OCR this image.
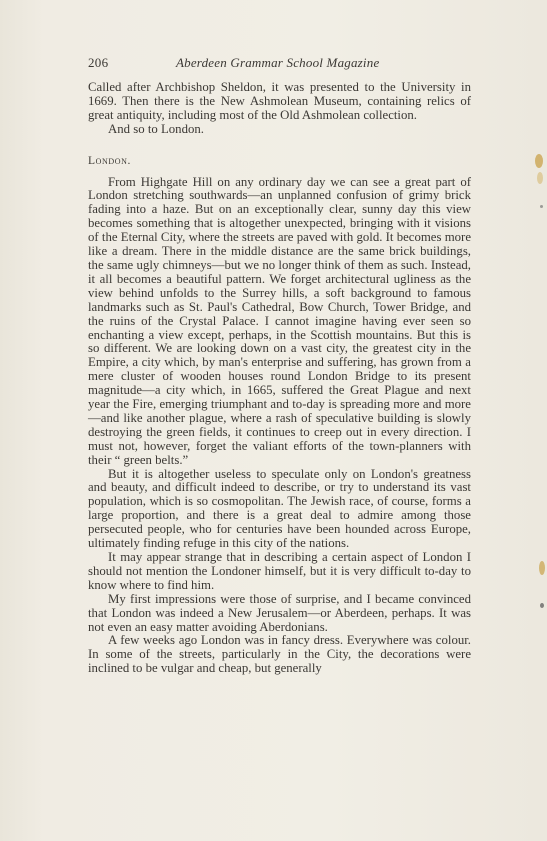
206	Aberdeen Grammar School Magazine

Called after Archbishop Sheldon, it was presented to the University in 1669. Then there is the New Ashmolean Museum, containing relics of great antiquity, including most of the Old Ashmolean collection.

And so to London.

London.

From Highgate Hill on any ordinary day we can see a great part of London stretching southwards—an unplanned confusion of grimy brick fading into a haze. But on an exceptionally clear, sunny day this view becomes something that is altogether unexpected, bringing with it visions of the Eternal City, where the streets are paved with gold. It becomes more like a dream. There in the middle distance are the same brick buildings, the same ugly chimneys—but we no longer think of them as such. Instead, it all becomes a beautiful pattern. We forget architectural ugliness as the view behind unfolds to the Surrey hills, a soft background to famous landmarks such as St. Paul's Cathedral, Bow Church, Tower Bridge, and the ruins of the Crystal Palace. I cannot imagine having ever seen so enchanting a view except, perhaps, in the Scottish mountains. But this is so different. We are looking down on a vast city, the greatest city in the Empire, a city which, by man's enterprise and suffering, has grown from a mere cluster of wooden houses round London Bridge to its present magnitude—a city which, in 1665, suffered the Great Plague and next year the Fire, emerging triumphant and to-day is spreading more and more—and like another plague, where a rash of speculative building is slowly destroying the green fields, it continues to creep out in every direction. I must not, however, forget the valiant efforts of the town-planners with their “ green belts.”

But it is altogether useless to speculate only on London's greatness and beauty, and difficult indeed to describe, or try to understand its vast population, which is so cosmopolitan. The Jewish race, of course, forms a large proportion, and there is a great deal to admire among those persecuted people, who for centuries have been hounded across Europe, ultimately finding refuge in this city of the nations.

It may appear strange that in describing a certain aspect of London I should not mention the Londoner himself, but it is very difficult to-day to know where to find him.

My first impressions were those of surprise, and I became convinced that London was indeed a New Jerusalem—or Aberdeen, perhaps. It was not even an easy matter avoiding Aberdonians.

A few weeks ago London was in fancy dress. Everywhere was colour. In some of the streets, particularly in the City, the decorations were inclined to be vulgar and cheap, but generally
